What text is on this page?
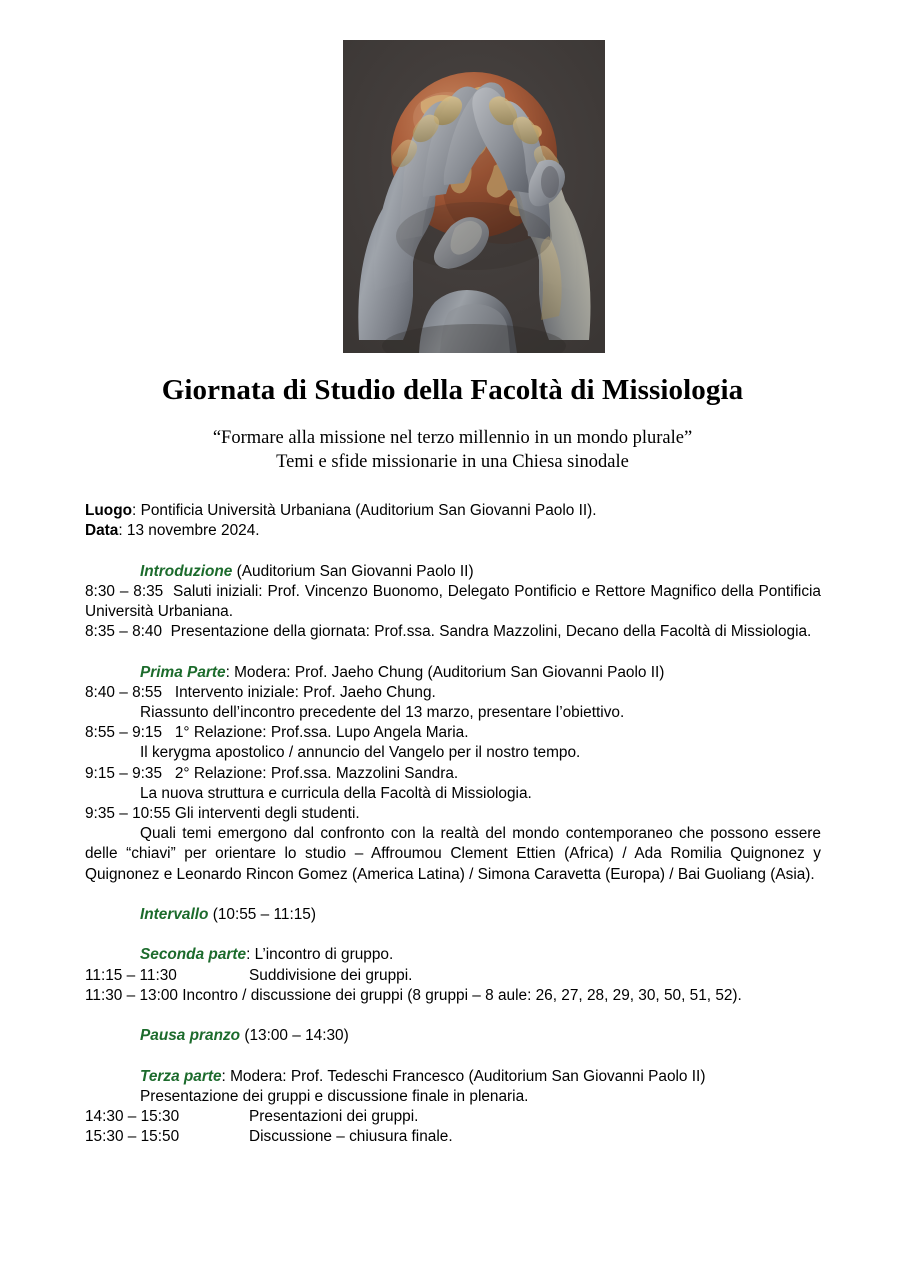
Giornata di Studio della Facoltà di Missiologia
“Formare alla missione nel terzo millennio in un mondo plurale”
Temi e sfide missionarie in una Chiesa sinodale
Luogo: Pontificia Università Urbaniana (Auditorium San Giovanni Paolo II).
Data: 13 novembre 2024.
Introduzione (Auditorium San Giovanni Paolo II)
8:30 – 8:35  Saluti iniziali: Prof. Vincenzo Buonomo, Delegato Pontificio e Rettore Magnifico della Pontificia Università Urbaniana.
8:35 – 8:40  Presentazione della giornata: Prof.ssa. Sandra Mazzolini, Decano della Facoltà di Missiologia.
Prima Parte: Modera: Prof. Jaeho Chung (Auditorium San Giovanni Paolo II)
8:40 – 8:55   Intervento iniziale: Prof. Jaeho Chung.
Riassunto dell’incontro precedente del 13 marzo, presentare l’obiettivo.
8:55 – 9:15   1° Relazione: Prof.ssa. Lupo Angela Maria.
Il kerygma apostolico / annuncio del Vangelo per il nostro tempo.
9:15 – 9:35   2° Relazione: Prof.ssa. Mazzolini Sandra.
La nuova struttura e curricula della Facoltà di Missiologia.
9:35 – 10:55 Gli interventi degli studenti.

Quali temi emergono dal confronto con la realtà del mondo contemporaneo che possono essere delle “chiavi” per orientare lo studio – Affroumou Clement Ettien (Africa) / Ada Romilia Quignonez y Quignonez e Leonardo Rincon Gomez (America Latina) / Simona Caravetta (Europa) / Bai Guoliang (Asia).

Intervallo (10:55 – 11:15)
Seconda parte: L’incontro di gruppo.
11:15 – 11:30	Suddivisione dei gruppi.
11:30 – 13:00 Incontro / discussione dei gruppi (8 gruppi – 8 aule: 26, 27, 28, 29, 30, 50, 51, 52).
Pausa pranzo (13:00 – 14:30)
Terza parte: Modera: Prof. Tedeschi Francesco (Auditorium San Giovanni Paolo II)
Presentazione dei gruppi e discussione finale in plenaria.
14:30 – 15:30	Presentazioni dei gruppi.
15:30 – 15:50	Discussione – chiusura finale.
